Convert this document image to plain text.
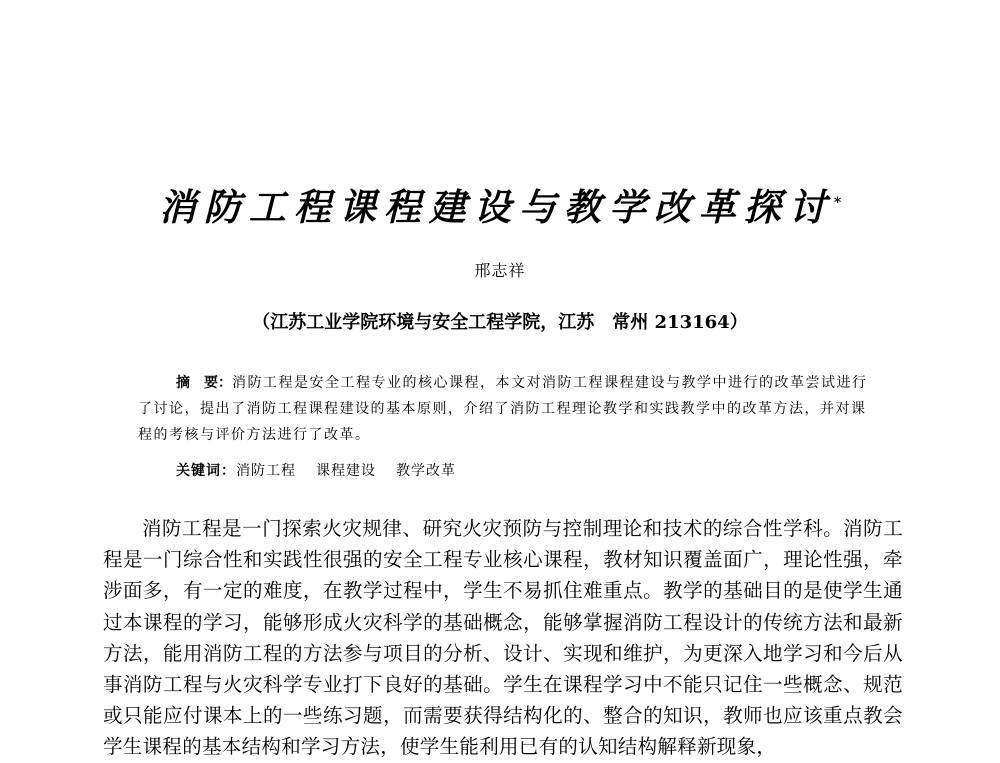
消防工程课程建设与教学改革探讨*
邢志祥
（江苏工业学院环境与安全工程学院，江苏　常州 213164）
摘　要：消防工程是安全工程专业的核心课程，本文对消防工程课程建设与教学中进行的改革尝试进行了讨论，提出了消防工程课程建设的基本原则，介绍了消防工程理论教学和实践教学中的改革方法，并对课程的考核与评价方法进行了改革。
关键词：消防工程 课程建设 教学改革
消防工程是一门探索火灾规律、研究火灾预防与控制理论和技术的综合性学科。消防工程是一门综合性和实践性很强的安全工程专业核心课程，教材知识覆盖面广，理论性强，牵涉面多，有一定的难度，在教学过程中，学生不易抓住难重点。教学的基础目的是使学生通过本课程的学习，能够形成火灾科学的基础概念，能够掌握消防工程设计的传统方法和最新方法，能用消防工程的方法参与项目的分析、设计、实现和维护，为更深入地学习和今后从事消防工程与火灾科学专业打下良好的基础。学生在课程学习中不能只记住一些概念、规范或只能应付课本上的一些练习题，而需要获得结构化的、整合的知识，教师也应该重点教会学生课程的基本结构和学习方法，使学生能利用已有的认知结构解释新现象，
